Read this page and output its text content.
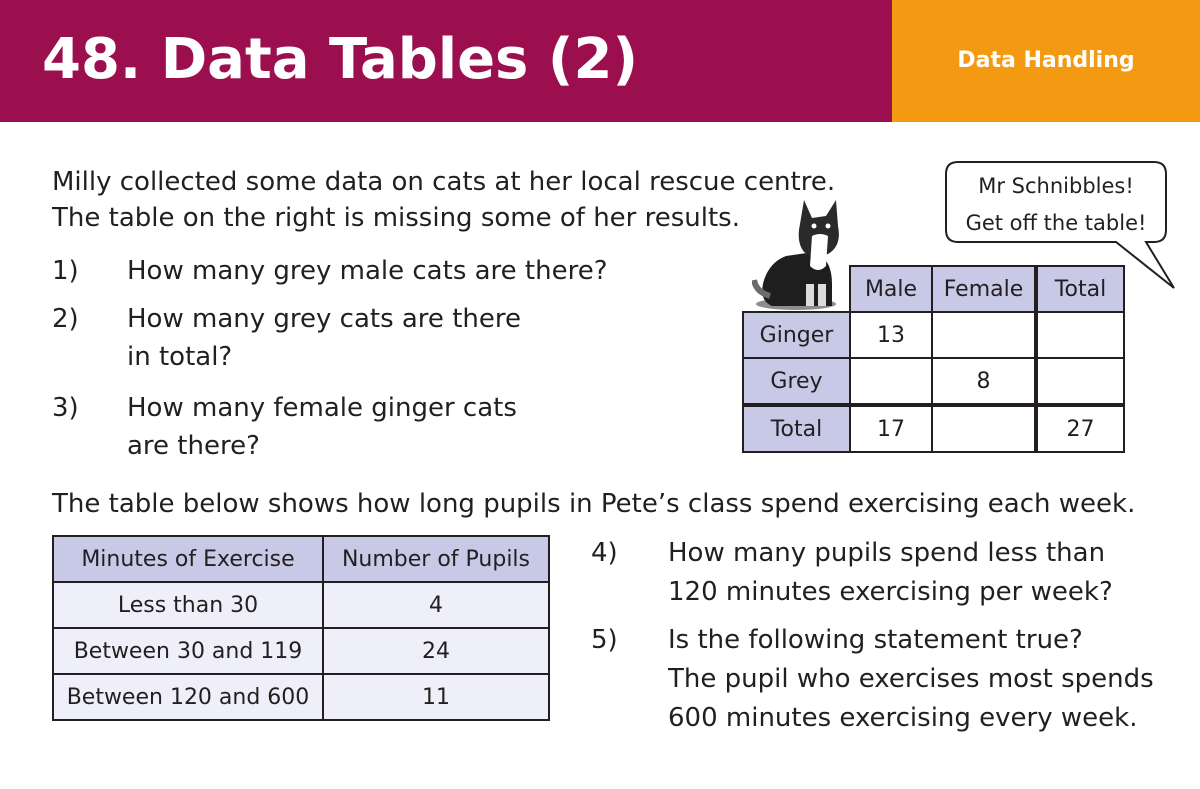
48. Data Tables (2)	Data Handling
Milly collected some data on cats at her local rescue centre.
The table on the right is missing some of her results.
1) How many grey male cats are there?
2) How many grey cats are there
in total?
3) How many female ginger cats
are there?
Mr Schnibbles!
Get off the table!
	Male	Female	Total
Ginger	13		
Grey		8	
Total	17		27
The table below shows how long pupils in Pete’s class spend exercising each week.
Minutes of Exercise	Number of Pupils
Less than 30	4
Between 30 and 119	24
Between 120 and 600	11
4) How many pupils spend less than
120 minutes exercising per week?
5) Is the following statement true?
The pupil who exercises most spends
600 minutes exercising every week.
